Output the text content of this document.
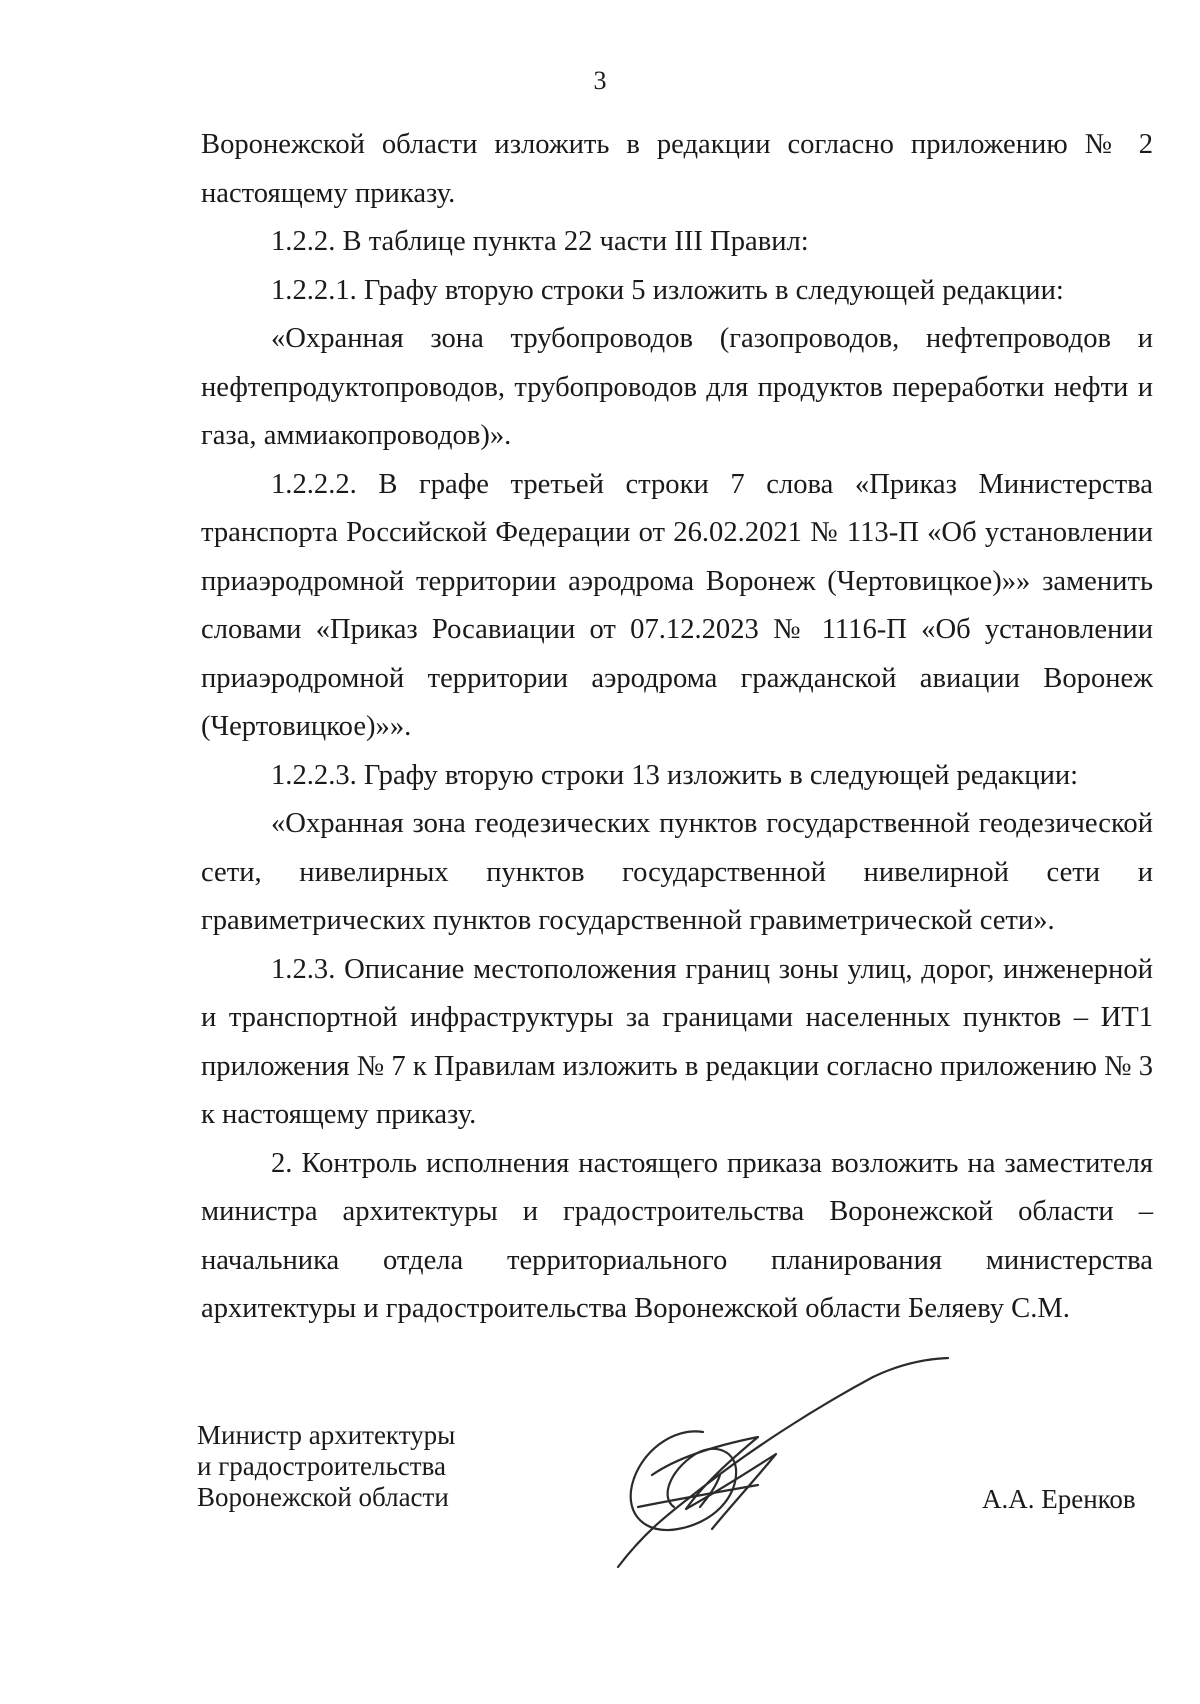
3

Воронежской области изложить в редакции согласно приложению № 2 настоящему приказу.

1.2.2. В таблице пункта 22 части III Правил:

1.2.2.1. Графу вторую строки 5 изложить в следующей редакции:

«Охранная зона трубопроводов (газопроводов, нефтепроводов и нефтепродуктопроводов, трубопроводов для продуктов переработки нефти и газа, аммиакопроводов)».

1.2.2.2. В графе третьей строки 7 слова «Приказ Министерства транспорта Российской Федерации от 26.02.2021 № 113-П «Об установлении приаэродромной территории аэродрома Воронеж (Чертовицкое)»» заменить словами «Приказ Росавиации от 07.12.2023 № 1116-П «Об установлении приаэродромной территории аэродрома гражданской авиации Воронеж (Чертовицкое)»».

1.2.2.3. Графу вторую строки 13 изложить в следующей редакции:

«Охранная зона геодезических пунктов государственной геодезической сети, нивелирных пунктов государственной нивелирной сети и гравиметрических пунктов государственной гравиметрической сети».

1.2.3. Описание местоположения границ зоны улиц, дорог, инженерной и транспортной инфраструктуры за границами населенных пунктов – ИТ1 приложения № 7 к Правилам изложить в редакции согласно приложению № 3 к настоящему приказу.

2. Контроль исполнения настоящего приказа возложить на заместителя министра архитектуры и градостроительства Воронежской области – начальника отдела территориального планирования министерства архитектуры и градостроительства Воронежской области Беляеву С.М.

Министр архитектуры
и градостроительства
Воронежской области	А.А. Еренков
